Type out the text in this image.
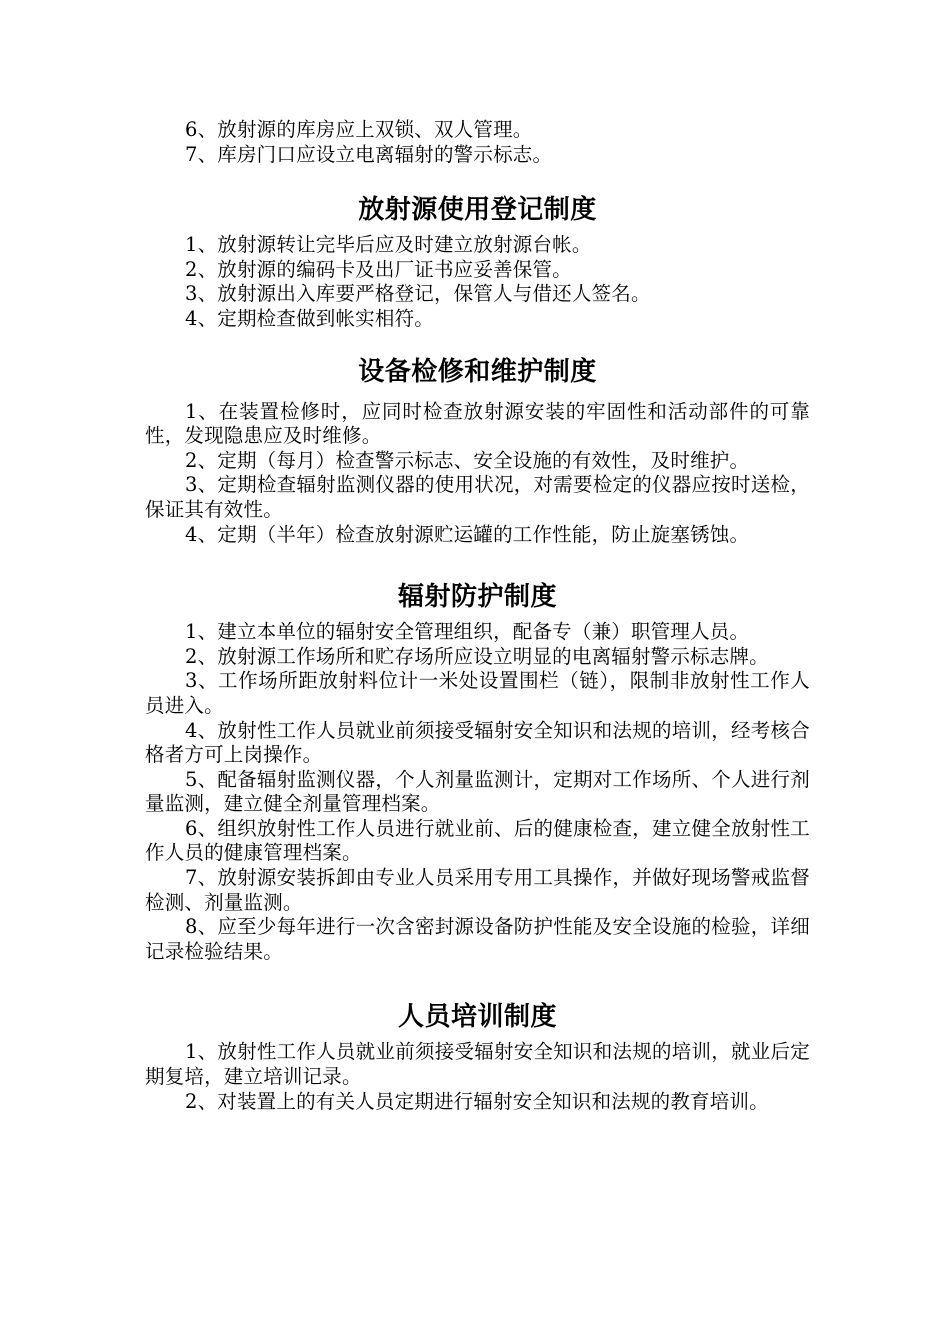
6、放射源的库房应上双锁、双人管理。

7、库房门口应设立电离辐射的警示标志。

放射源使用登记制度

1、放射源转让完毕后应及时建立放射源台帐。

2、放射源的编码卡及出厂证书应妥善保管。

3、放射源出入库要严格登记，保管人与借还人签名。

4、定期检查做到帐实相符。

设备检修和维护制度

1、在装置检修时，应同时检查放射源安装的牢固性和活动部件的可靠性，发现隐患应及时维修。

2、定期（每月）检查警示标志、安全设施的有效性，及时维护。

3、定期检查辐射监测仪器的使用状况，对需要检定的仪器应按时送检，保证其有效性。

4、定期（半年）检查放射源贮运罐的工作性能，防止旋塞锈蚀。

辐射防护制度

1、建立本单位的辐射安全管理组织，配备专（兼）职管理人员。

2、放射源工作场所和贮存场所应设立明显的电离辐射警示标志牌。

3、工作场所距放射料位计一米处设置围栏（链），限制非放射性工作人员进入。

4、放射性工作人员就业前须接受辐射安全知识和法规的培训，经考核合格者方可上岗操作。

5、配备辐射监测仪器，个人剂量监测计，定期对工作场所、个人进行剂量监测，建立健全剂量管理档案。

6、组织放射性工作人员进行就业前、后的健康检查，建立健全放射性工作人员的健康管理档案。

7、放射源安装拆卸由专业人员采用专用工具操作，并做好现场警戒监督检测、剂量监测。

8、应至少每年进行一次含密封源设备防护性能及安全设施的检验，详细记录检验结果。

人员培训制度

1、放射性工作人员就业前须接受辐射安全知识和法规的培训，就业后定期复培，建立培训记录。

2、对装置上的有关人员定期进行辐射安全知识和法规的教育培训。
